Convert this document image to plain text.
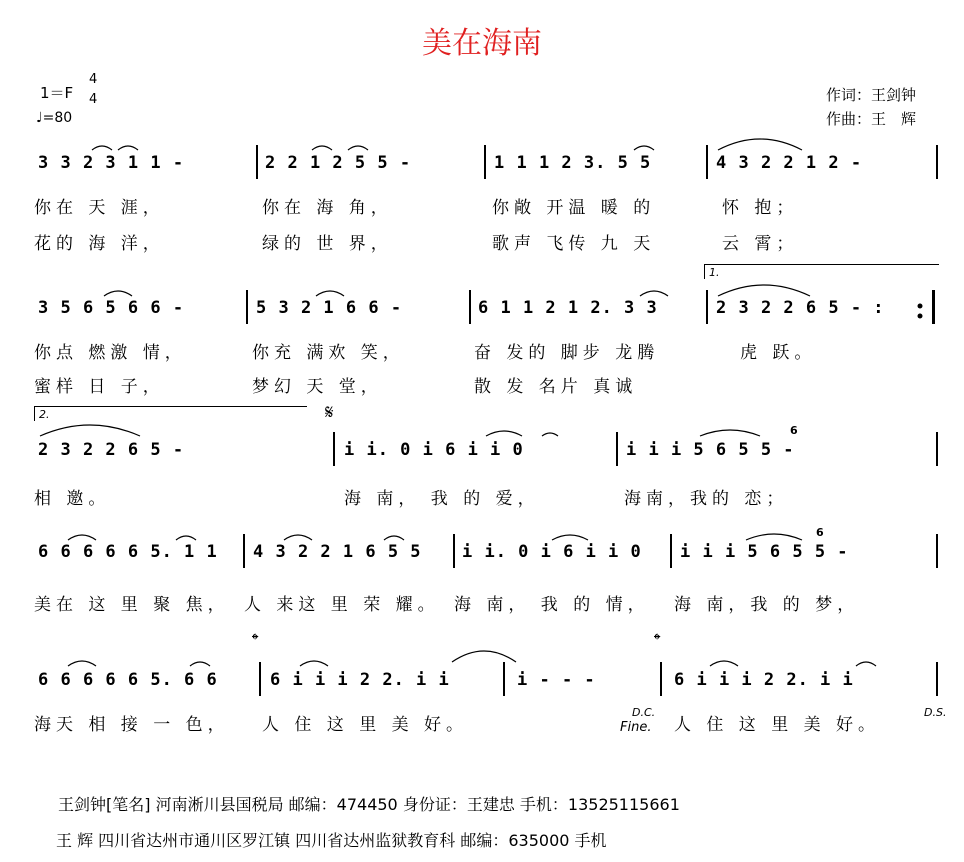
美在海南
1＝F
4
4
♩=80
作词：王剑钟
作曲：王　辉
3 3 2 3 1 1 -	2 2 1 2 5 5 -	1 1 1 2 3. 5 5	4 3 2 2 1 2 -
你在 天 涯，	你在 海 角，	你敞 开温 暖 的	怀 抱；
花的 海 洋，	绿的 世 界，	歌声 飞传 九 天	云 霄；
1.
3 5 6 5 6 6 -	5 3 2 1 6 6 -	6 1 1 2 1 2. 3 3	2 3 2 2 6 5 - :
你点 燃激 情，	你充 满欢 笑，	奋 发的 脚步 龙腾	虎 跃。
蜜样 日 子，	梦幻 天 堂，	散 发 名片 真诚
2.	𝄋
6
2 3 2 2 6 5 -	i i. 0 i 6 i i 0	i i i 5 6 5 5 -
相 邀。	海 南， 我 的 爱，	海南，我的 恋；
6
6 6 6 6 6 5. 1 1 4 3 2 2 1 6 5 5 i i. 0 i 6 i i 0 i i i 5 6 5 5 -
美在 这 里 聚 焦， 人 来这 里 荣 耀。 海 南， 我 的 情， 海 南，我 的 梦，
𝄌	𝄌
6 6 6 6 6 5. 6 6	6 i i i 2 2. i i	i - - -	6 i i i 2 2. i i
海天 相 接 一 色， 人 住 这 里 美 好。	人 住 这 里 美 好。
D.C.
Fine.
D.S.
王剑钟[笔名] 河南淅川县国税局 邮编：474450 身份证：王建忠 手机：13525115661
王 辉 四川省达州市通川区罗江镇 四川省达州监狱教育科 邮编：635000 手机
